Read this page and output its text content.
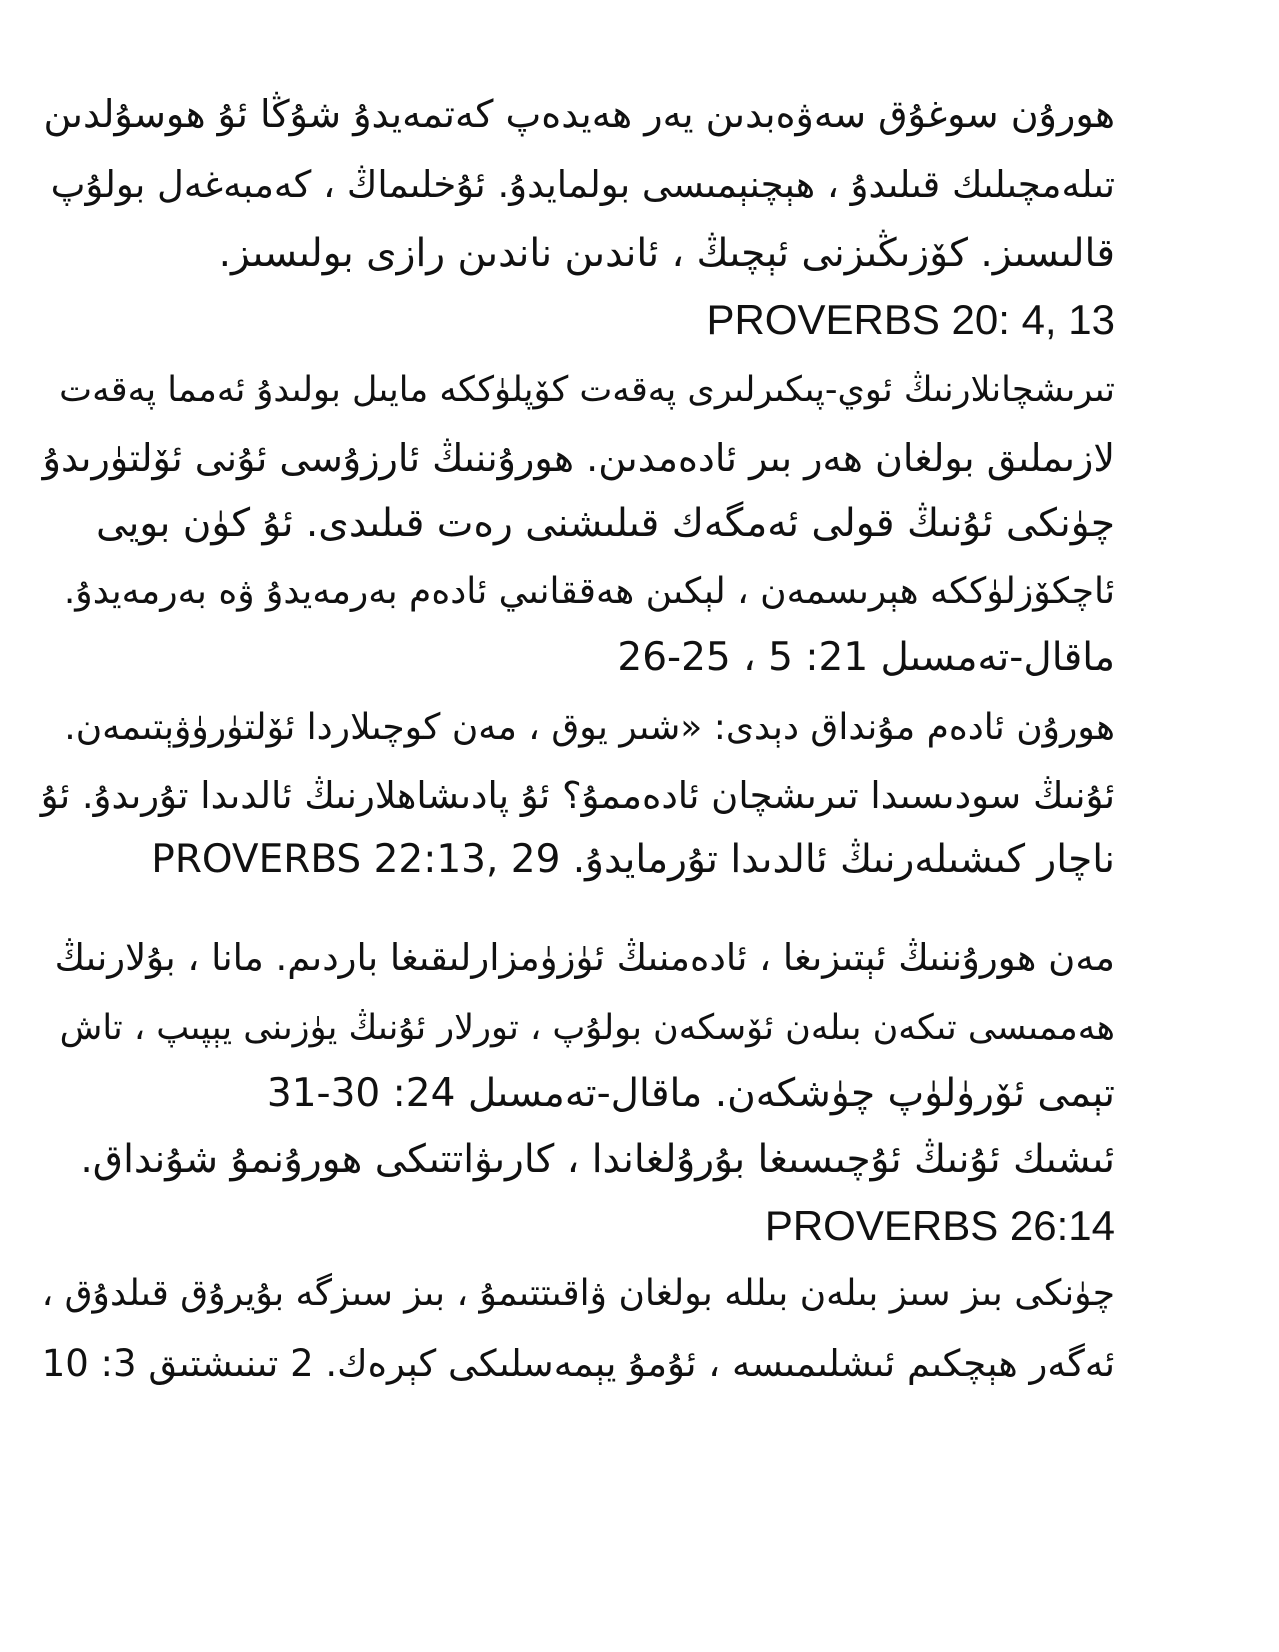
هورۇن سوغۇق سەۋەبدىن يەر ھەيدەپ كەتمەيدۇ شۇڭا ئۇ ھوسۇلدىن
تىلەمچىلىك قىلىدۇ ، ھېچنېمىسى بولمايدۇ. ئۇخلىماڭ ، كەمبەغەل بولۇپ
قالىسىز. كۆزىڭىزنى ئېچىڭ ، ئاندىن ناندىن رازى بولىسىز.
PROVERBS 20: 4, 13
تىرىشچانلارنىڭ ئوي-پىكىرلىرى پەقەت كۆپلۈككە مايىل بولىدۇ ئەمما پەقەت
لازىملىق بولغان ھەر بىر ئادەمدىن. ھورۇننىڭ ئارزۇسى ئۇنى ئۆلتۈرىدۇ
چۈنكى ئۇنىڭ قولى ئەمگەك قىلىشنى رەت قىلىدى. ئۇ كۈن بويى
ئاچكۆزلۈككە ھېرىسمەن ، لېكىن ھەققانىي ئادەم بەرمەيدۇ ۋە بەرمەيدۇ.
ماقال-تەمسىل 21: 5 ، 25-26
ھورۇن ئادەم مۇنداق دېدى: «شىر يوق ، مەن كوچىلاردا ئۆلتۈرۈۋېتىمەن.
ئۇنىڭ سودىسىدا تىرىشچان ئادەممۇ؟ ئۇ پادىشاھلارنىڭ ئالدىدا تۇرىدۇ. ئۇ
ناچار كىشىلەرنىڭ ئالدىدا تۇرمايدۇ. PROVERBS 22:13, 29
مەن ھورۇننىڭ ئېتىزىغا ، ئادەمنىڭ ئۈزۈمزارلىقىغا باردىم. مانا ، بۇلارنىڭ
ھەممىسى تىكەن بىلەن ئۆسكەن بولۇپ ، تورلار ئۇنىڭ يۈزىنى يېپىپ ، تاش
تېمى ئۆرۈلۈپ چۈشكەن. ماقال-تەمسىل 24: 30-31
ئىشىك ئۇنىڭ ئۇچىسىغا بۇرۇلغاندا ، كارىۋاتتىكى ھورۇنمۇ شۇنداق.
PROVERBS 26:14
چۈنكى بىز سىز بىلەن بىللە بولغان ۋاقىتتىمۇ ، بىز سىزگە بۇيرۇق قىلدۇق ،
ئەگەر ھېچكىم ئىشلىمىسە ، ئۇمۇ يېمەسلىكى كېرەك. 2 تىنىشتىق 3: 10
